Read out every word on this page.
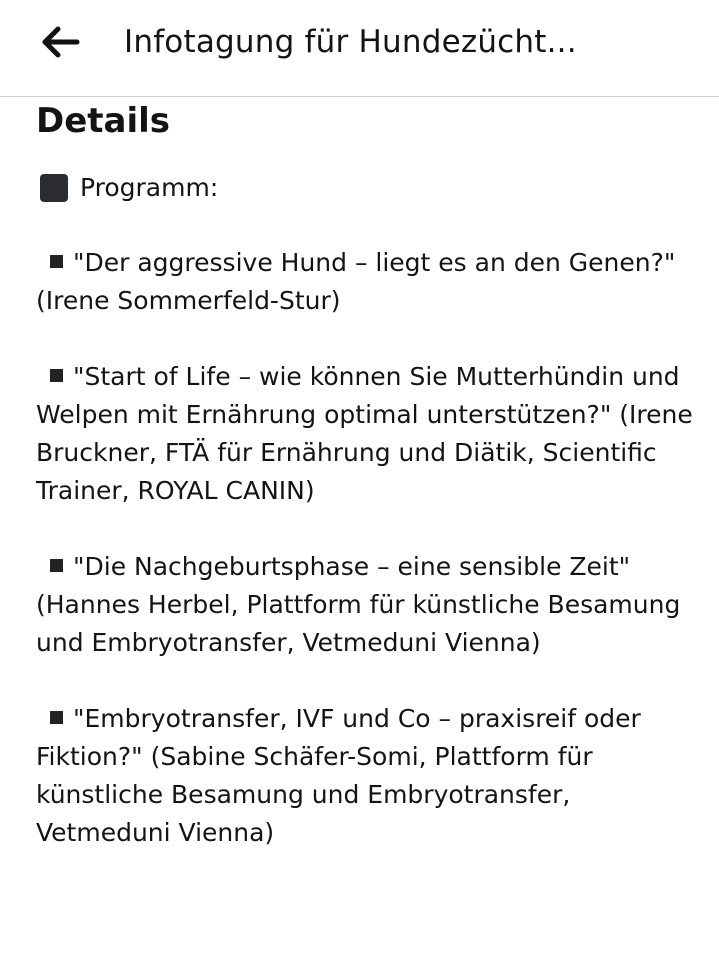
Infotagung für Hundezücht...
Details
Programm:
"Der aggressive Hund – liegt es an den Genen?" (Irene Sommerfeld-Stur)
"Start of Life – wie können Sie Mutterhündin und Welpen mit Ernährung optimal unterstützen?" (Irene Bruckner, FTÄ für Ernährung und Diätik, Scientific Trainer, ROYAL CANIN)
"Die Nachgeburtsphase – eine sensible Zeit" (Hannes Herbel, Plattform für künstliche Besamung und Embryotransfer, Vetmeduni Vienna)
"Embryotransfer, IVF und Co – praxisreif oder Fiktion?" (Sabine Schäfer-Somi, Plattform für künstliche Besamung und Embryotransfer, Vetmeduni Vienna)
